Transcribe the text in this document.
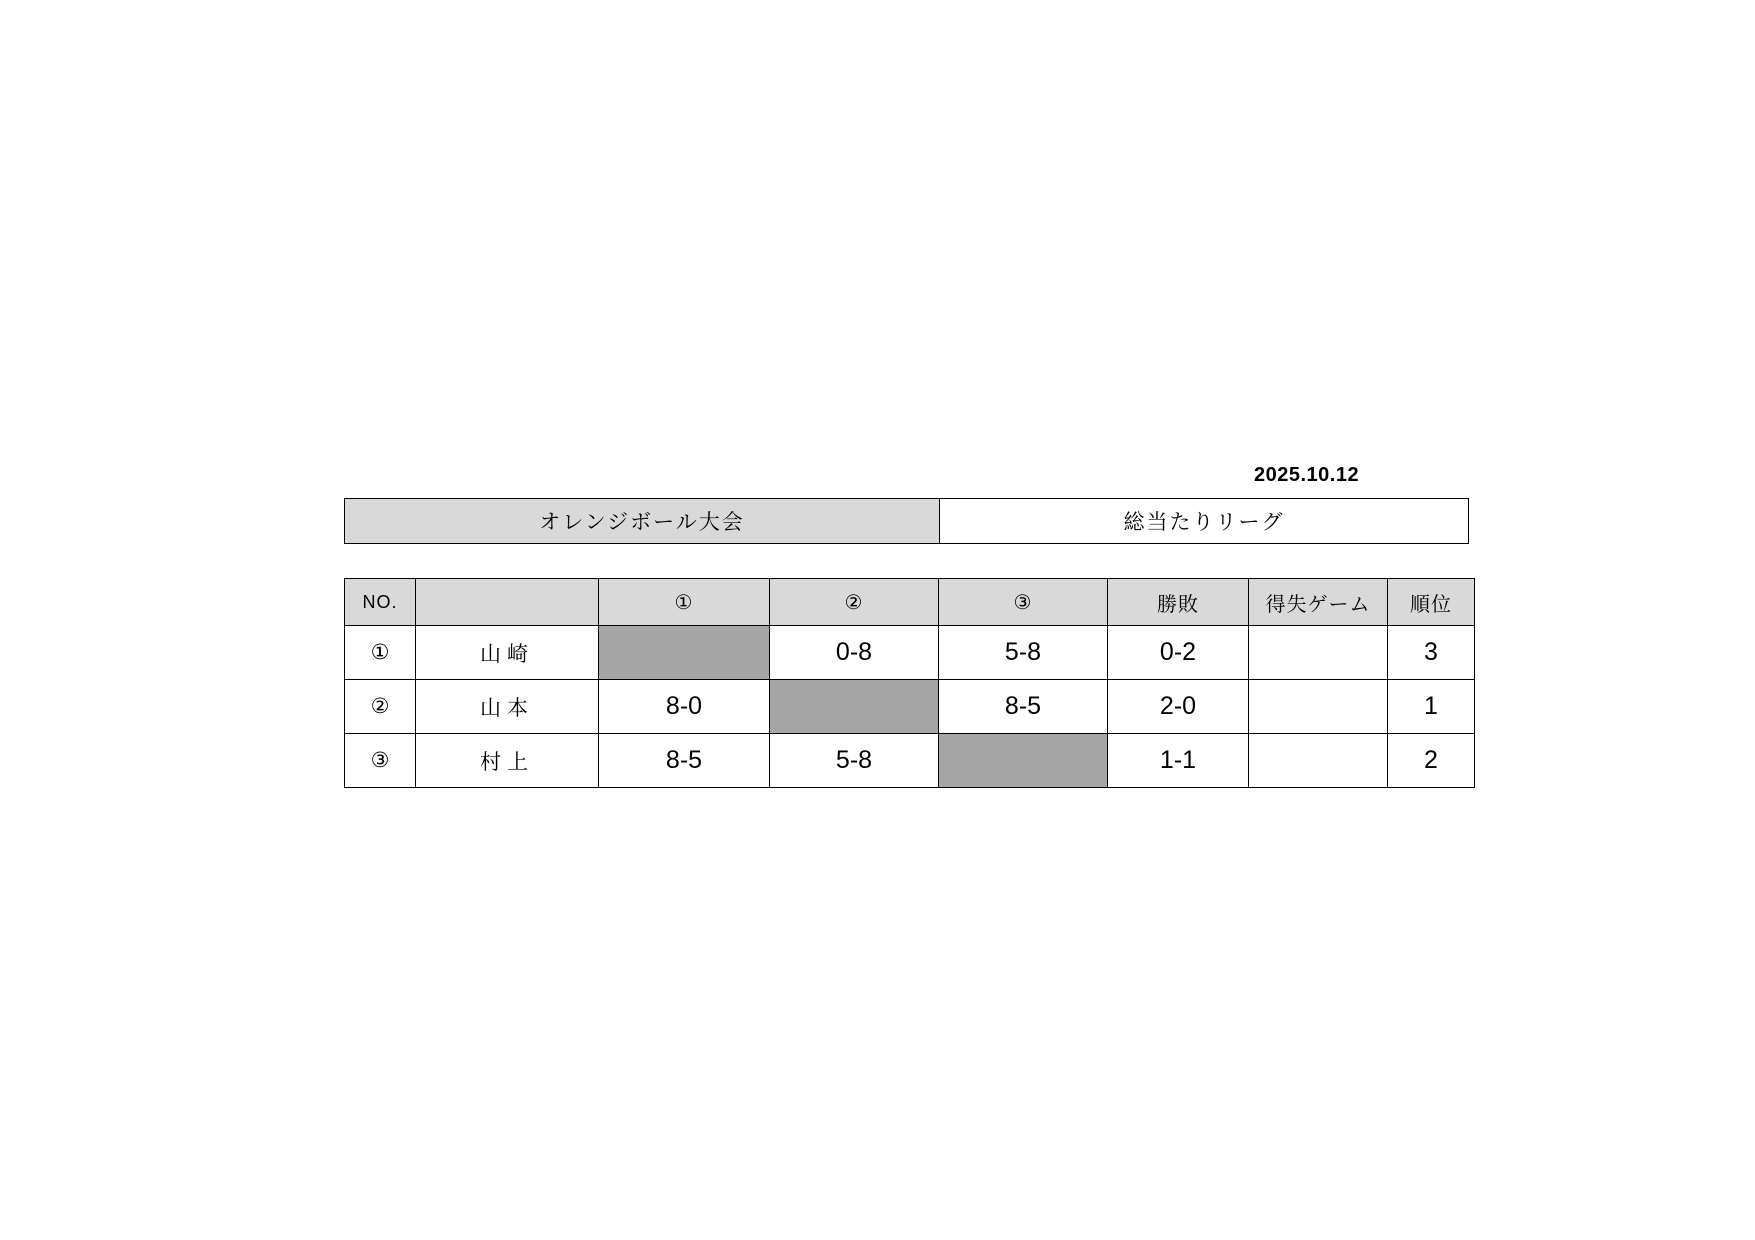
2025.10.12
オレンジボール大会	総当たりリーグ
NO.		①	②	③	勝敗	得失ゲーム	順位
①	山崎		0-8	5-8	0-2		3
②	山本	8-0		8-5	2-0		1
③	村上	8-5	5-8		1-1		2
